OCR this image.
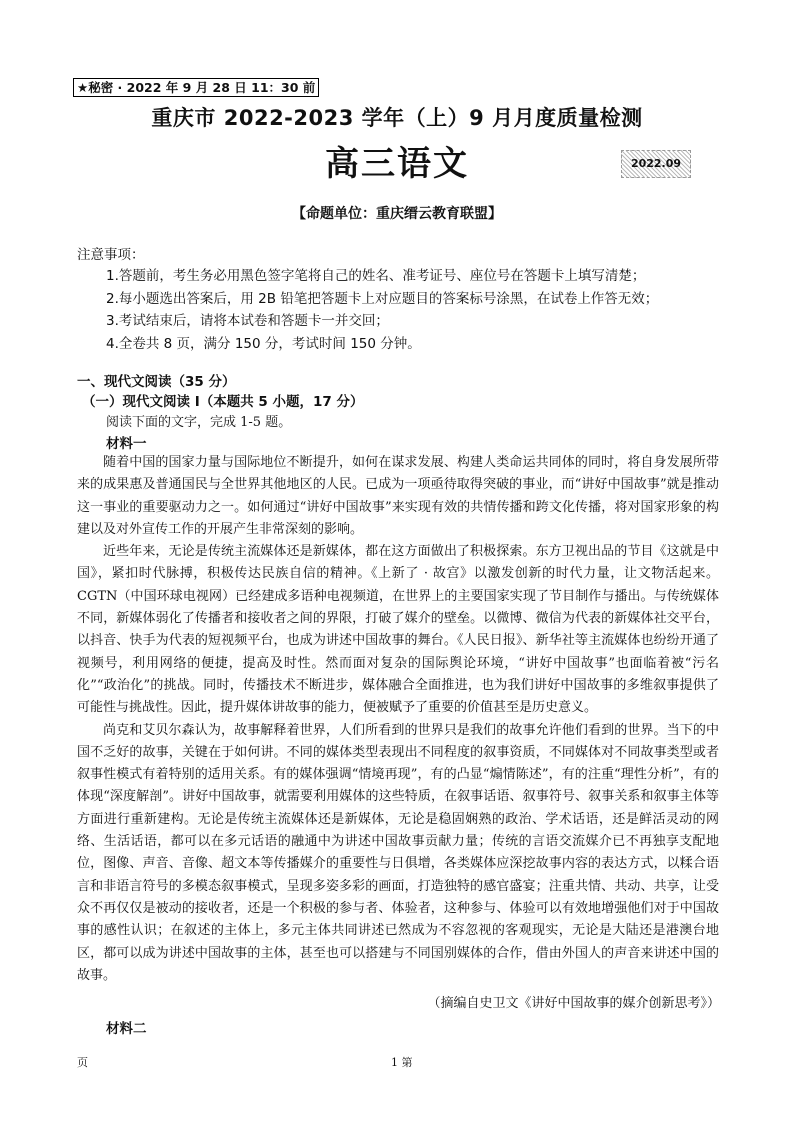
★秘密 · 2022 年 9 月 28 日 11：30 前
重庆市 2022-2023 学年（上）9 月月度质量检测
高三语文	2022.09
【命题单位：重庆缙云教育联盟】
注意事项：
1.答题前，考生务必用黑色签字笔将自己的姓名、准考证号、座位号在答题卡上填写清楚；
2.每小题选出答案后，用 2B 铅笔把答题卡上对应题目的答案标号涂黑，在试卷上作答无效；
3.考试结束后，请将本试卷和答题卡一并交回；
4.全卷共 8 页，满分 150 分，考试时间 150 分钟。
一、现代文阅读（35 分）
（一）现代文阅读 Ⅰ（本题共 5 小题，17 分）
阅读下面的文字，完成 1-5 题。
材料一

随着中国的国家力量与国际地位不断提升，如何在谋求发展、构建人类命运共同体的同时，将自身发展所带来的成果惠及普通国民与全世界其他地区的人民。已成为一项亟待取得突破的事业，而“讲好中国故事”就是推动这一事业的重要驱动力之一。如何通过“讲好中国故事”来实现有效的共情传播和跨文化传播，将对国家形象的构建以及对外宣传工作的开展产生非常深刻的影响。

近些年来，无论是传统主流媒体还是新媒体，都在这方面做出了积极探索。东方卫视出品的节目《这就是中国》，紧扣时代脉搏，积极传达民族自信的精神。《上新了 · 故宫》以激发创新的时代力量，让文物活起来。CGTN（中国环球电视网）已经建成多语种电视频道，在世界上的主要国家实现了节目制作与播出。与传统媒体不同，新媒体弱化了传播者和接收者之间的界限，打破了媒介的壁垒。以微博、微信为代表的新媒体社交平台，以抖音、快手为代表的短视频平台，也成为讲述中国故事的舞台。《人民日报》、新华社等主流媒体也纷纷开通了视频号，利用网络的便捷，提高及时性。然而面对复杂的国际舆论环境，“讲好中国故事”也面临着被“污名化”“政治化”的挑战。同时，传播技术不断进步，媒体融合全面推进，也为我们讲好中国故事的多维叙事提供了可能性与挑战性。因此，提升媒体讲故事的能力，便被赋予了重要的价值甚至是历史意义。

尚克和艾贝尔森认为，故事解释着世界，人们所看到的世界只是我们的故事允许他们看到的世界。当下的中国不乏好的故事，关键在于如何讲。不同的媒体类型表现出不同程度的叙事资质，不同媒体对不同故事类型或者叙事性模式有着特别的适用关系。有的媒体强调“情境再现”，有的凸显“煽情陈述”，有的注重“理性分析”，有的体现“深度解剖”。讲好中国故事，就需要利用媒体的这些特质，在叙事话语、叙事符号、叙事关系和叙事主体等方面进行重新建构。无论是传统主流媒体还是新媒体，无论是稳固娴熟的政治、学术话语，还是鲜活灵动的网络、生活话语，都可以在多元话语的融通中为讲述中国故事贡献力量；传统的言语交流媒介已不再独享支配地位，图像、声音、音像、超文本等传播媒介的重要性与日俱增，各类媒体应深挖故事内容的表达方式，以糅合语言和非语言符号的多模态叙事模式，呈现多姿多彩的画面，打造独特的感官盛宴；注重共情、共动、共享，让受众不再仅仅是被动的接收者，还是一个积极的参与者、体验者，这种参与、体验可以有效地增强他们对于中国故事的感性认识；在叙述的主体上，多元主体共同讲述已然成为不容忽视的客观现实，无论是大陆还是港澳台地区，都可以成为讲述中国故事的主体，甚至也可以搭建与不同国别媒体的合作，借由外国人的声音来讲述中国的故事。

（摘编自史卫文《讲好中国故事的媒介创新思考》）
材料二
页	1 第
